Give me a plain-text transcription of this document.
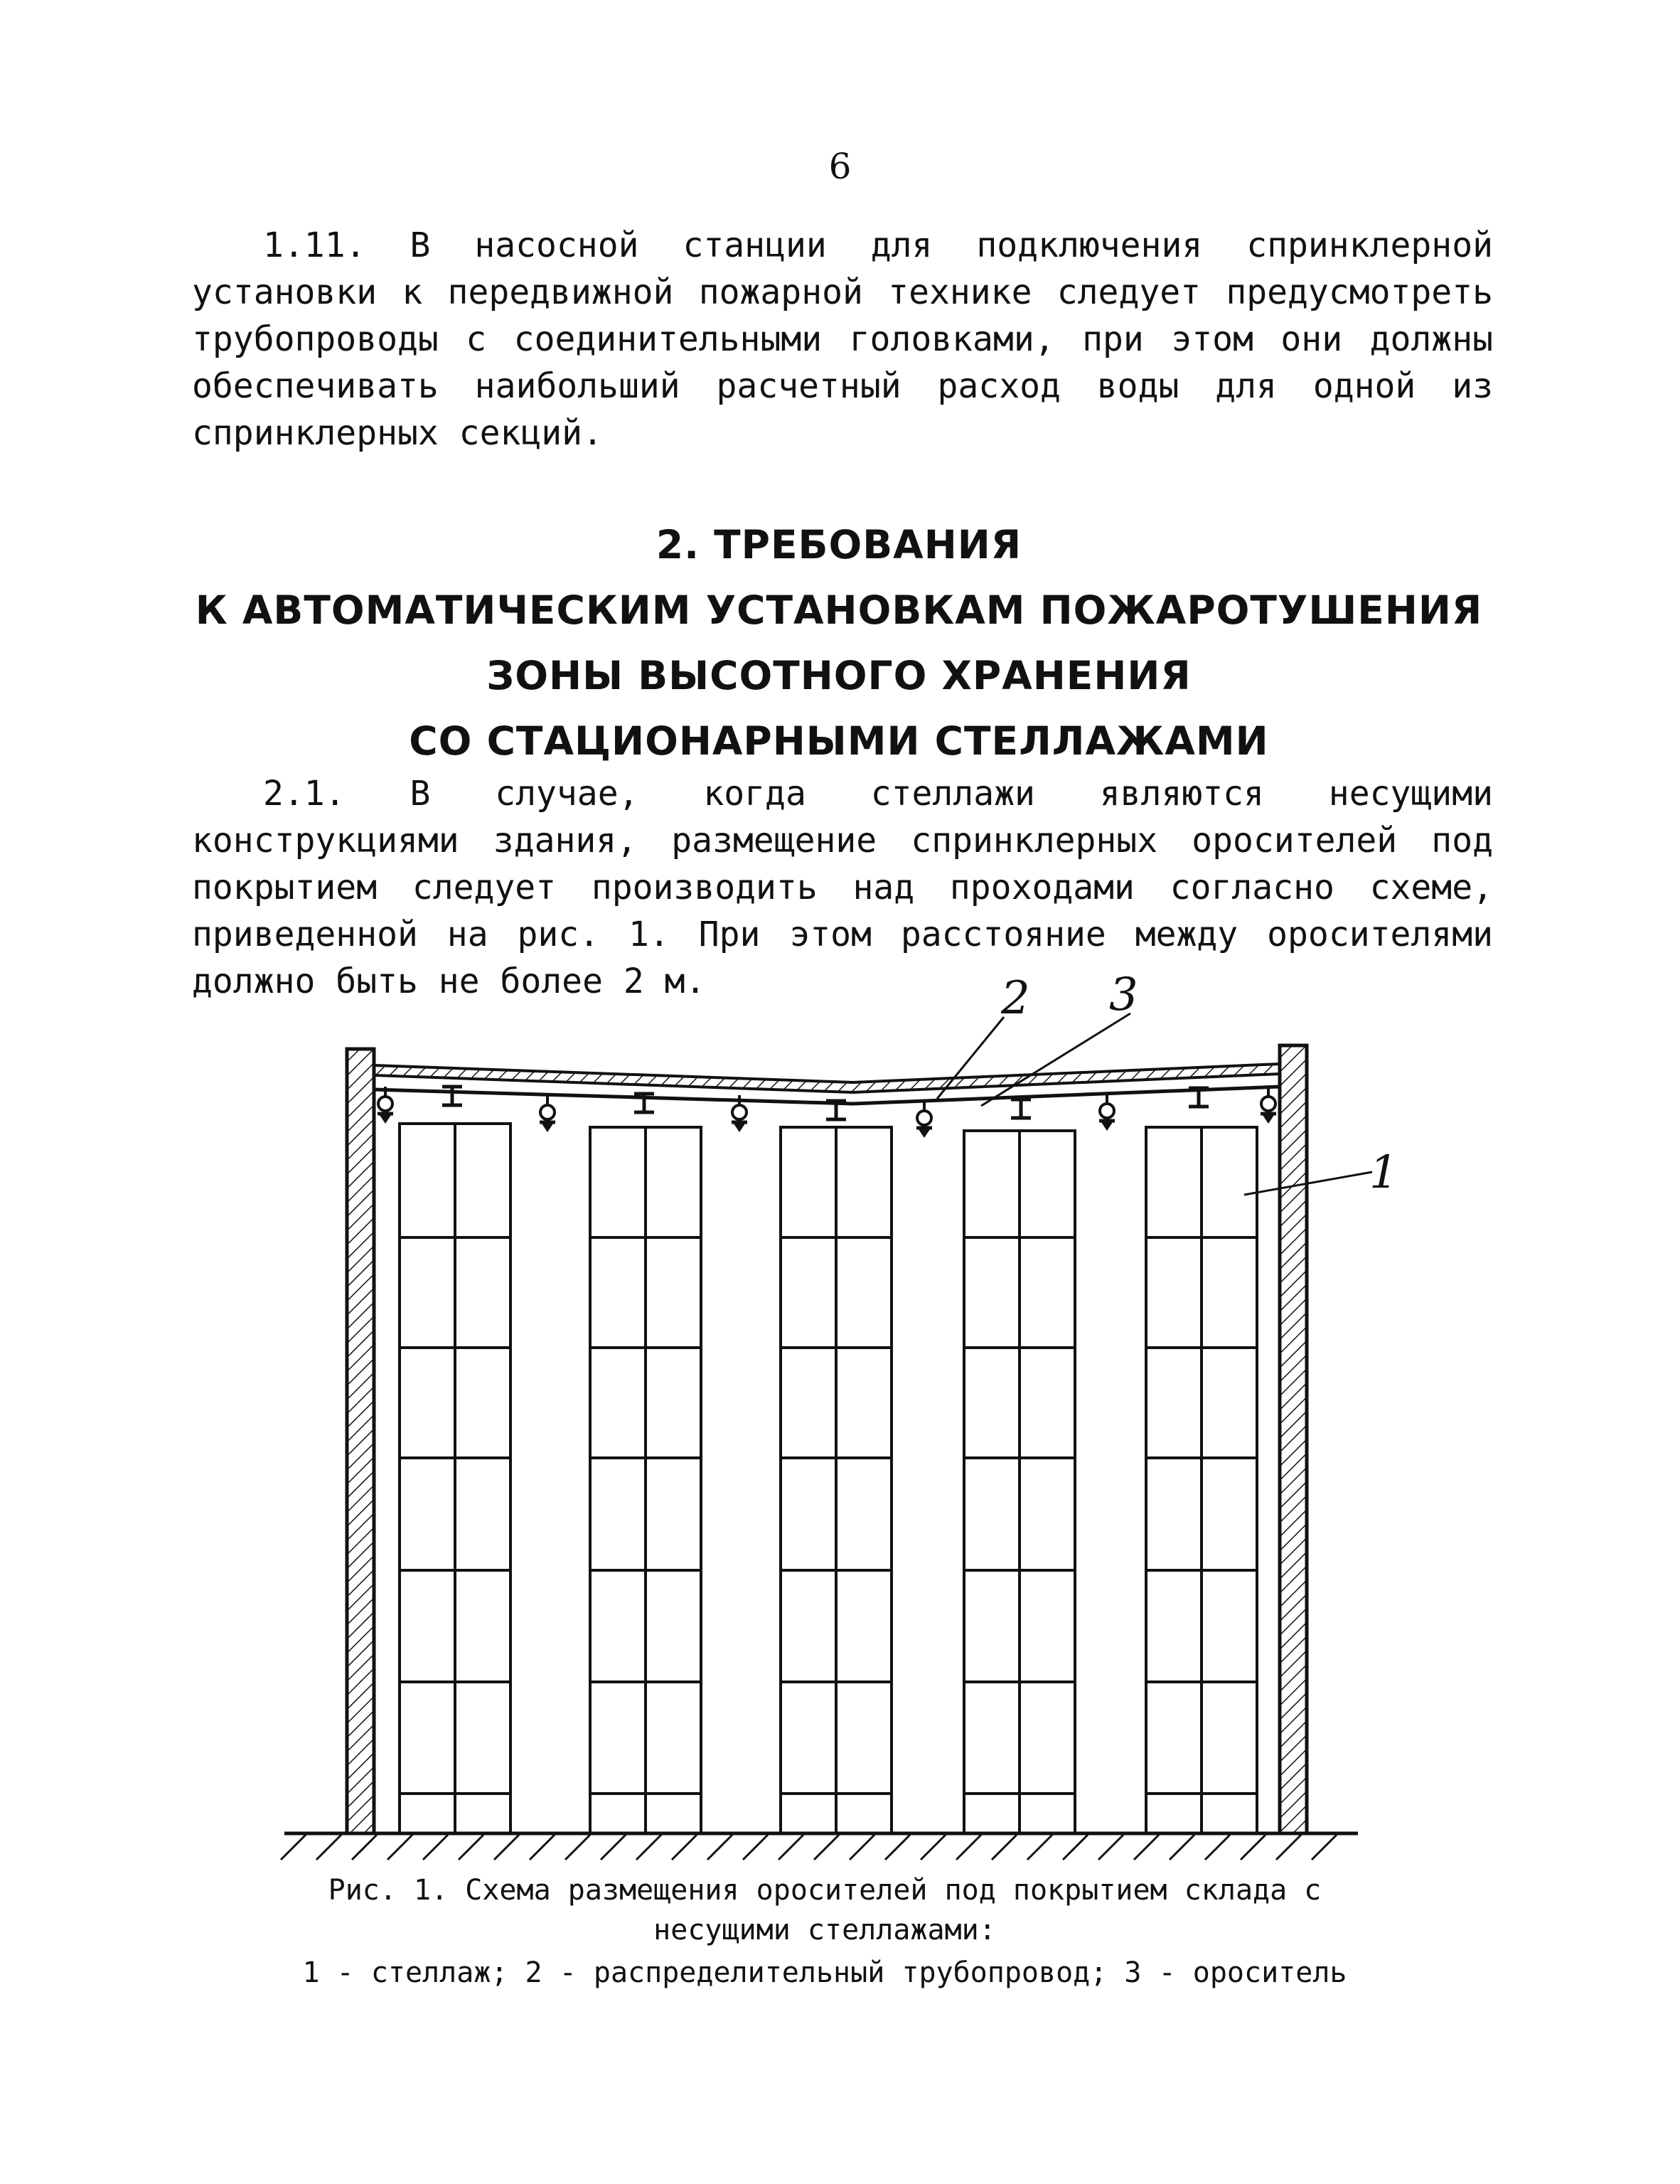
6

1.11. В насосной станции для подключения спринклерной установки к передвижной пожарной технике следует предусмотреть трубопроводы с соединительными головками, при этом они должны обеспечивать наибольший расчетный расход воды для одной из спринклерных секций.

2. ТРЕБОВАНИЯ
К АВТОМАТИЧЕСКИМ УСТАНОВКАМ ПОЖАРОТУШЕНИЯ
ЗОНЫ ВЫСОТНОГО ХРАНЕНИЯ
СО СТАЦИОНАРНЫМИ СТЕЛЛАЖАМИ

2.1. В случае, когда стеллажи являются несущими конструкциями здания, размещение спринклерных оросителей под покрытием следует производить над проходами согласно схеме, приведенной на рис. 1. При этом расстояние между оросителями должно быть не более 2 м.	2 3
1
Рис. 1. Схема размещения оросителей под покрытием склада с несущими стеллажами:
1 - стеллаж; 2 - распределительный трубопровод; 3 - ороситель
